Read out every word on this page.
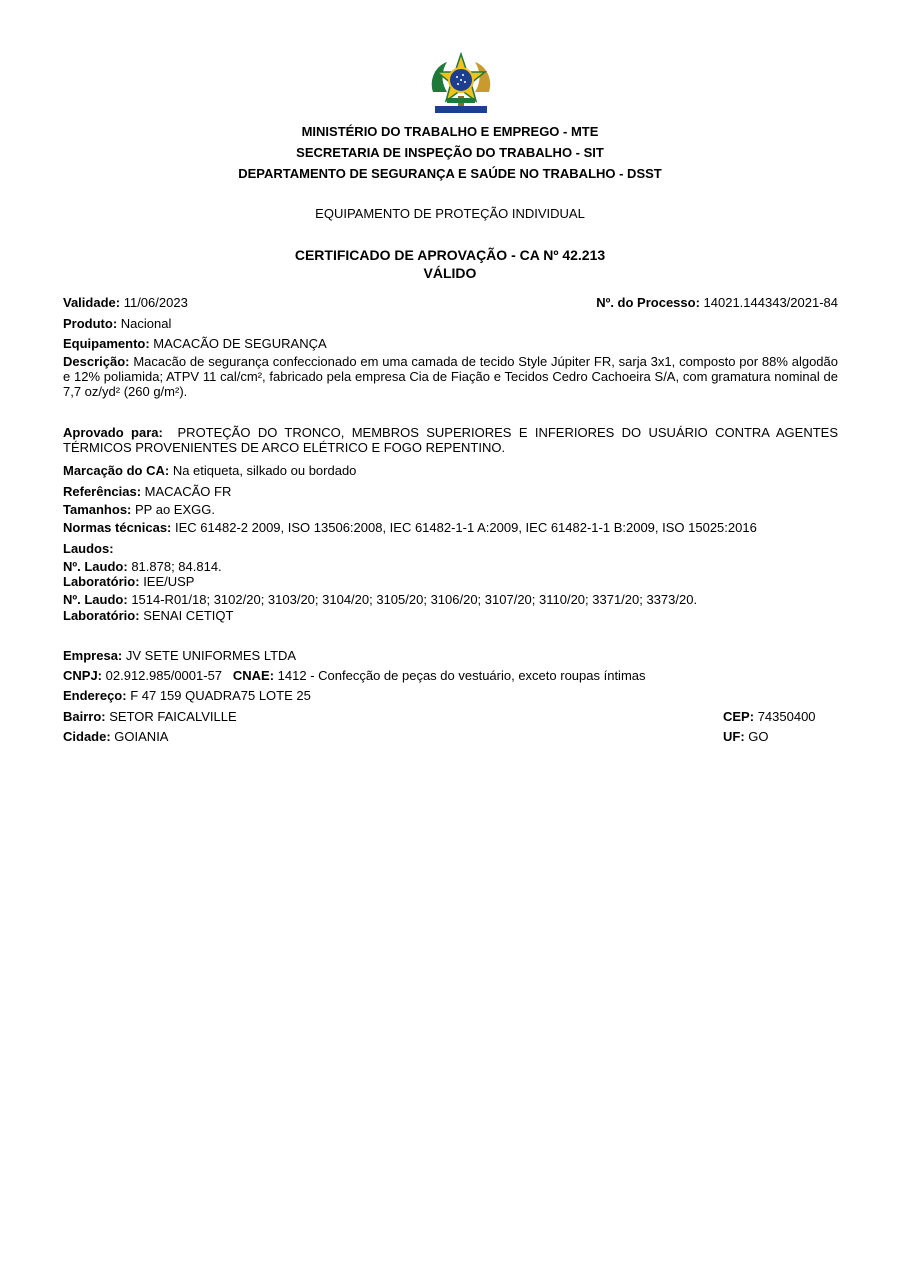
MINISTÉRIO DO TRABALHO E EMPREGO - MTE
SECRETARIA DE INSPEÇÃO DO TRABALHO - SIT
DEPARTAMENTO DE SEGURANÇA E SAÚDE NO TRABALHO - DSST
EQUIPAMENTO DE PROTEÇÃO INDIVIDUAL
CERTIFICADO DE APROVAÇÃO - CA Nº 42.213
VÁLIDO
Validade: 11/06/2023	Nº. do Processo: 14021.144343/2021-84
Produto: Nacional
Equipamento: MACACÃO DE SEGURANÇA
Descrição: Macacão de segurança confeccionado em uma camada de tecido Style Júpiter FR, sarja 3x1, composto por 88% algodão e 12% poliamida; ATPV 11 cal/cm², fabricado pela empresa Cia de Fiação e Tecidos Cedro Cachoeira S/A, com gramatura nominal de 7,7 oz/yd² (260 g/m²).
Aprovado para: PROTEÇÃO DO TRONCO, MEMBROS SUPERIORES E INFERIORES DO USUÁRIO CONTRA AGENTES TÉRMICOS PROVENIENTES DE ARCO ELÉTRICO E FOGO REPENTINO.
Marcação do CA: Na etiqueta, silkado ou bordado
Referências: MACACÃO FR
Tamanhos: PP ao EXGG.
Normas técnicas: IEC 61482-2 2009, ISO 13506:2008, IEC 61482-1-1 A:2009, IEC 61482-1-1 B:2009, ISO 15025:2016
Laudos:
Nº. Laudo: 81.878; 84.814.
Laboratório: IEE/USP
Nº. Laudo: 1514-R01/18; 3102/20; 3103/20; 3104/20; 3105/20; 3106/20; 3107/20; 3110/20; 3371/20; 3373/20.
Laboratório: SENAI CETIQT
Empresa: JV SETE UNIFORMES LTDA
CNPJ: 02.912.985/0001-57 CNAE: 1412 - Confecção de peças do vestuário, exceto roupas íntimas
Endereço: F 47 159 QUADRA75 LOTE 25
Bairro: SETOR FAICALVILLE	CEP: 74350400
Cidade: GOIANIA	UF: GO
